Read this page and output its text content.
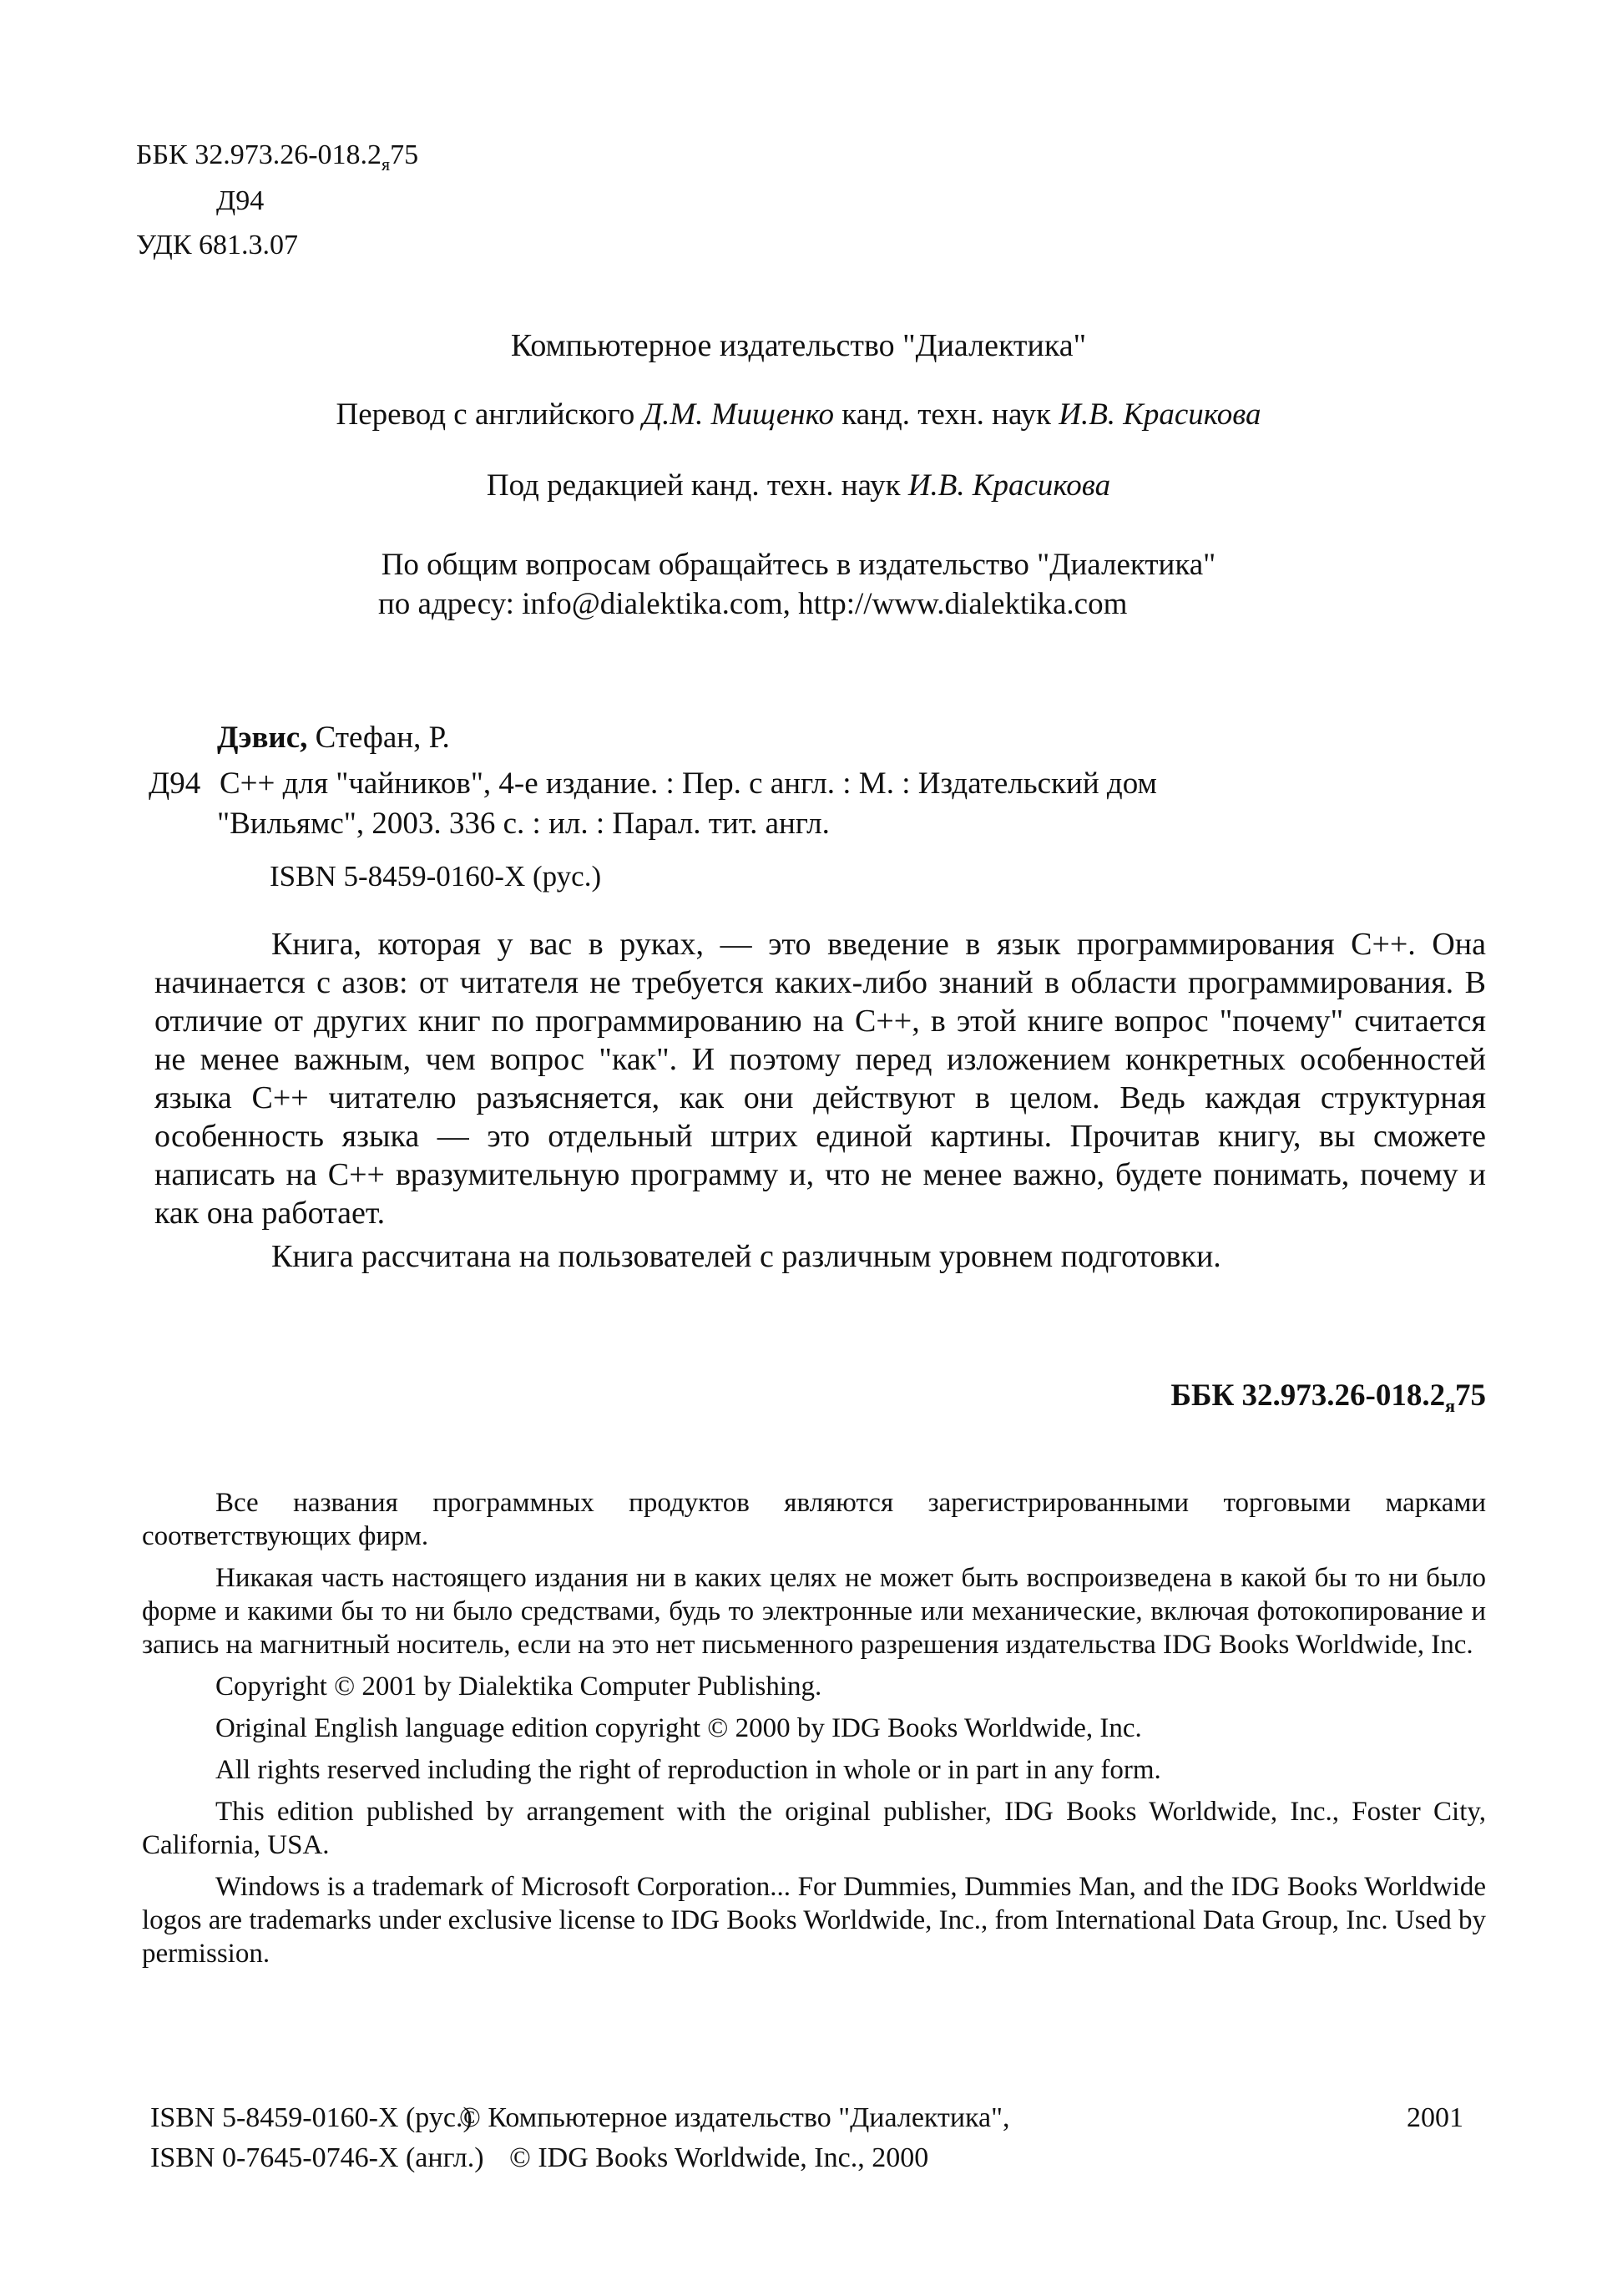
ББК $32.973.26-018.2_я75$
Д94
УДК 681.3.07
Компьютерное издательство "Диалектика"
Перевод с английского Д.М. Мищенко канд. техн. наук И.В. Красикова
Под редакцией канд. техн. наук И.В. Красикова
По общим вопросам обращайтесь в издательство "Диалектика"
по адресу: info@dialektika.com, http://www.dialektika.com
Дэвис, Стефан, Р.
Д94 С++ для "чайников", 4-е издание. : Пер. с англ. : М. : Издательский дом
"Вильямс", 2003. 336 с. : ил. : Парал. тит. англ.
ISBN 5-8459-0160-X (рус.)

Книга, которая у вас в руках, — это введение в язык программирования С++. Она начинается с азов: от читателя не требуется каких-либо знаний в области программирования. В отличие от других книг по программированию на С++, в этой книге вопрос "почему" считается не менее важным, чем вопрос "как". И поэтому перед изложением конкретных особенностей языка С++ читателю разъясняется, как они действуют в целом. Ведь каждая структурная особенность языка — это отдельный штрих единой картины. Прочитав книгу, вы сможете написать на С++ вразумительную программу и, что не менее важно, будете понимать, почему и как она работает.

Книга рассчитана на пользователей с различным уровнем подготовки.

ББК $32.973.26-018.2_я75$

Все названия программных продуктов являются зарегистрированными торговыми марками соответствующих фирм.

Никакая часть настоящего издания ни в каких целях не может быть воспроизведена в какой бы то ни было форме и какими бы то ни было средствами, будь то электронные или механические, включая фотокопирование и запись на магнитный носитель, если на это нет письменного разрешения издательства IDG Books Worldwide, Inc.

Copyright © 2001 by Dialektika Computer Publishing.

Original English language edition copyright © 2000 by IDG Books Worldwide, Inc.

All rights reserved including the right of reproduction in whole or in part in any form.

This edition published by arrangement with the original publisher, IDG Books Worldwide, Inc., Foster City, California, USA.

Windows is a trademark of Microsoft Corporation... For Dummies, Dummies Man, and the IDG Books Worldwide logos are trademarks under exclusive license to IDG Books Worldwide, Inc., from International Data Group, Inc. Used by permission.

ISBN 5-8459-0160-X (рус.)
© Компьютерное издательство "Диалектика",	2001
ISBN 0-7645-0746-X (англ.) © IDG Books Worldwide, Inc., 2000
